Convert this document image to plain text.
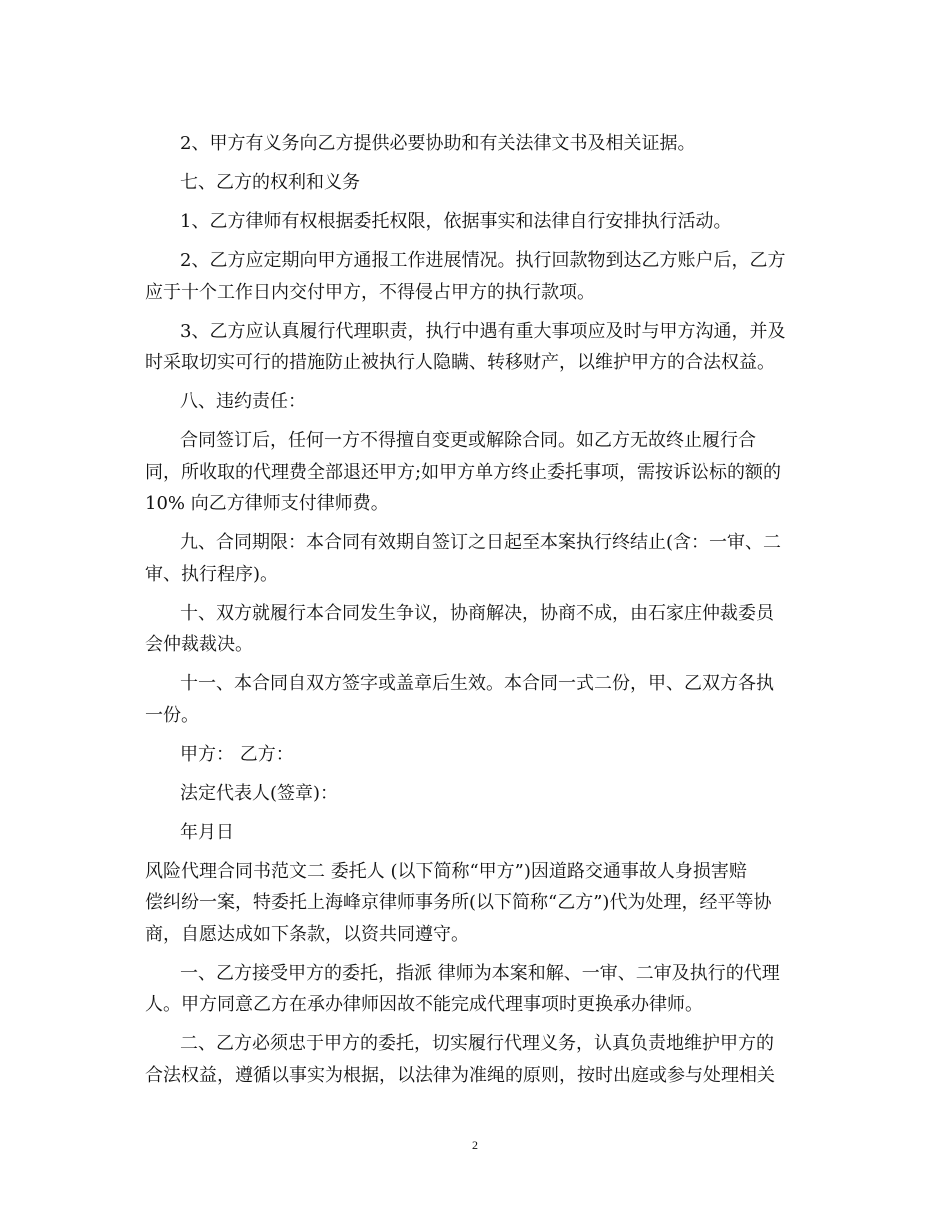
2、甲方有义务向乙方提供必要协助和有关法律文书及相关证据。

七、乙方的权利和义务

1、乙方律师有权根据委托权限，依据事实和法律自行安排执行活动。

2、乙方应定期向甲方通报工作进展情况。执行回款物到达乙方账户后，乙方

应于十个工作日内交付甲方，不得侵占甲方的执行款项。

3、乙方应认真履行代理职责，执行中遇有重大事项应及时与甲方沟通，并及

时采取切实可行的措施防止被执行人隐瞒、转移财产，以维护甲方的合法权益。

八、违约责任：

合同签订后，任何一方不得擅自变更或解除合同。如乙方无故终止履行合

同，所收取的代理费全部退还甲方;如甲方单方终止委托事项，需按诉讼标的额的

10% 向乙方律师支付律师费。

九、合同期限：本合同有效期自签订之日起至本案执行终结止(含：一审、二

审、执行程序)。

十、双方就履行本合同发生争议，协商解决，协商不成，由石家庄仲裁委员

会仲裁裁决。

十一、本合同自双方签字或盖章后生效。本合同一式二份，甲、乙双方各执

一份。

甲方： 乙方：

法定代表人(签章)：

年月日

风险代理合同书范文二 委托人 (以下简称“甲方”)因道路交通事故人身损害赔

偿纠纷一案，特委托上海峰京律师事务所(以下简称“乙方”)代为处理，经平等协

商，自愿达成如下条款，以资共同遵守。

一、乙方接受甲方的委托，指派 律师为本案和解、一审、二审及执行的代理

人。甲方同意乙方在承办律师因故不能完成代理事项时更换承办律师。

二、乙方必须忠于甲方的委托，切实履行代理义务，认真负责地维护甲方的

合法权益，遵循以事实为根据，以法律为准绳的原则，按时出庭或参与处理相关

2
